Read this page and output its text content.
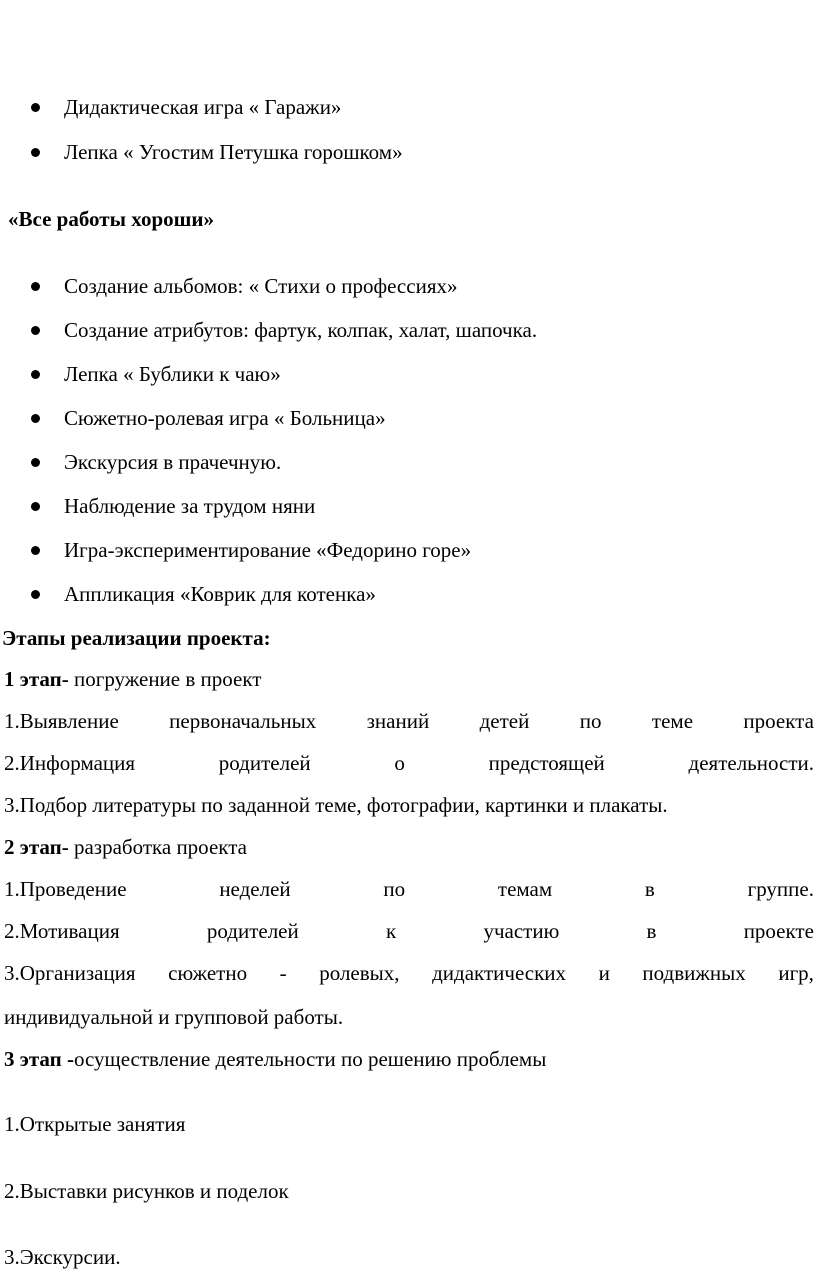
Дидактическая игра « Гаражи»
Лепка « Угостим Петушка горошком»
«Все работы хороши»
Создание альбомов: « Стихи о профессиях»
Создание атрибутов: фартук, колпак, халат, шапочка.
Лепка « Бублики к чаю»
Сюжетно-ролевая игра « Больница»
Экскурсия в прачечную.
Наблюдение за трудом няни
Игра-экспериментирование «Федорино горе»
Аппликация «Коврик для котенка»
Этапы реализации проекта:
1 этап- погружение в проект
1.Выявление первоначальных знаний детей по теме проекта
2.Информация	родителей	о	предстоящей	деятельности.
3.Подбор литературы по заданной теме, фотографии, картинки и плакаты.
2 этап- разработка проекта
1.Проведение	неделей	по	темам	в	группе.
2.Мотивация	родителей	к	участию	в	проекте
3.Организация сюжетно - ролевых, дидактических и подвижных игр,
индивидуальной и групповой работы.
3 этап -осуществление деятельности по решению проблемы
1.Открытые занятия
2.Выставки рисунков и поделок
3.Экскурсии.
